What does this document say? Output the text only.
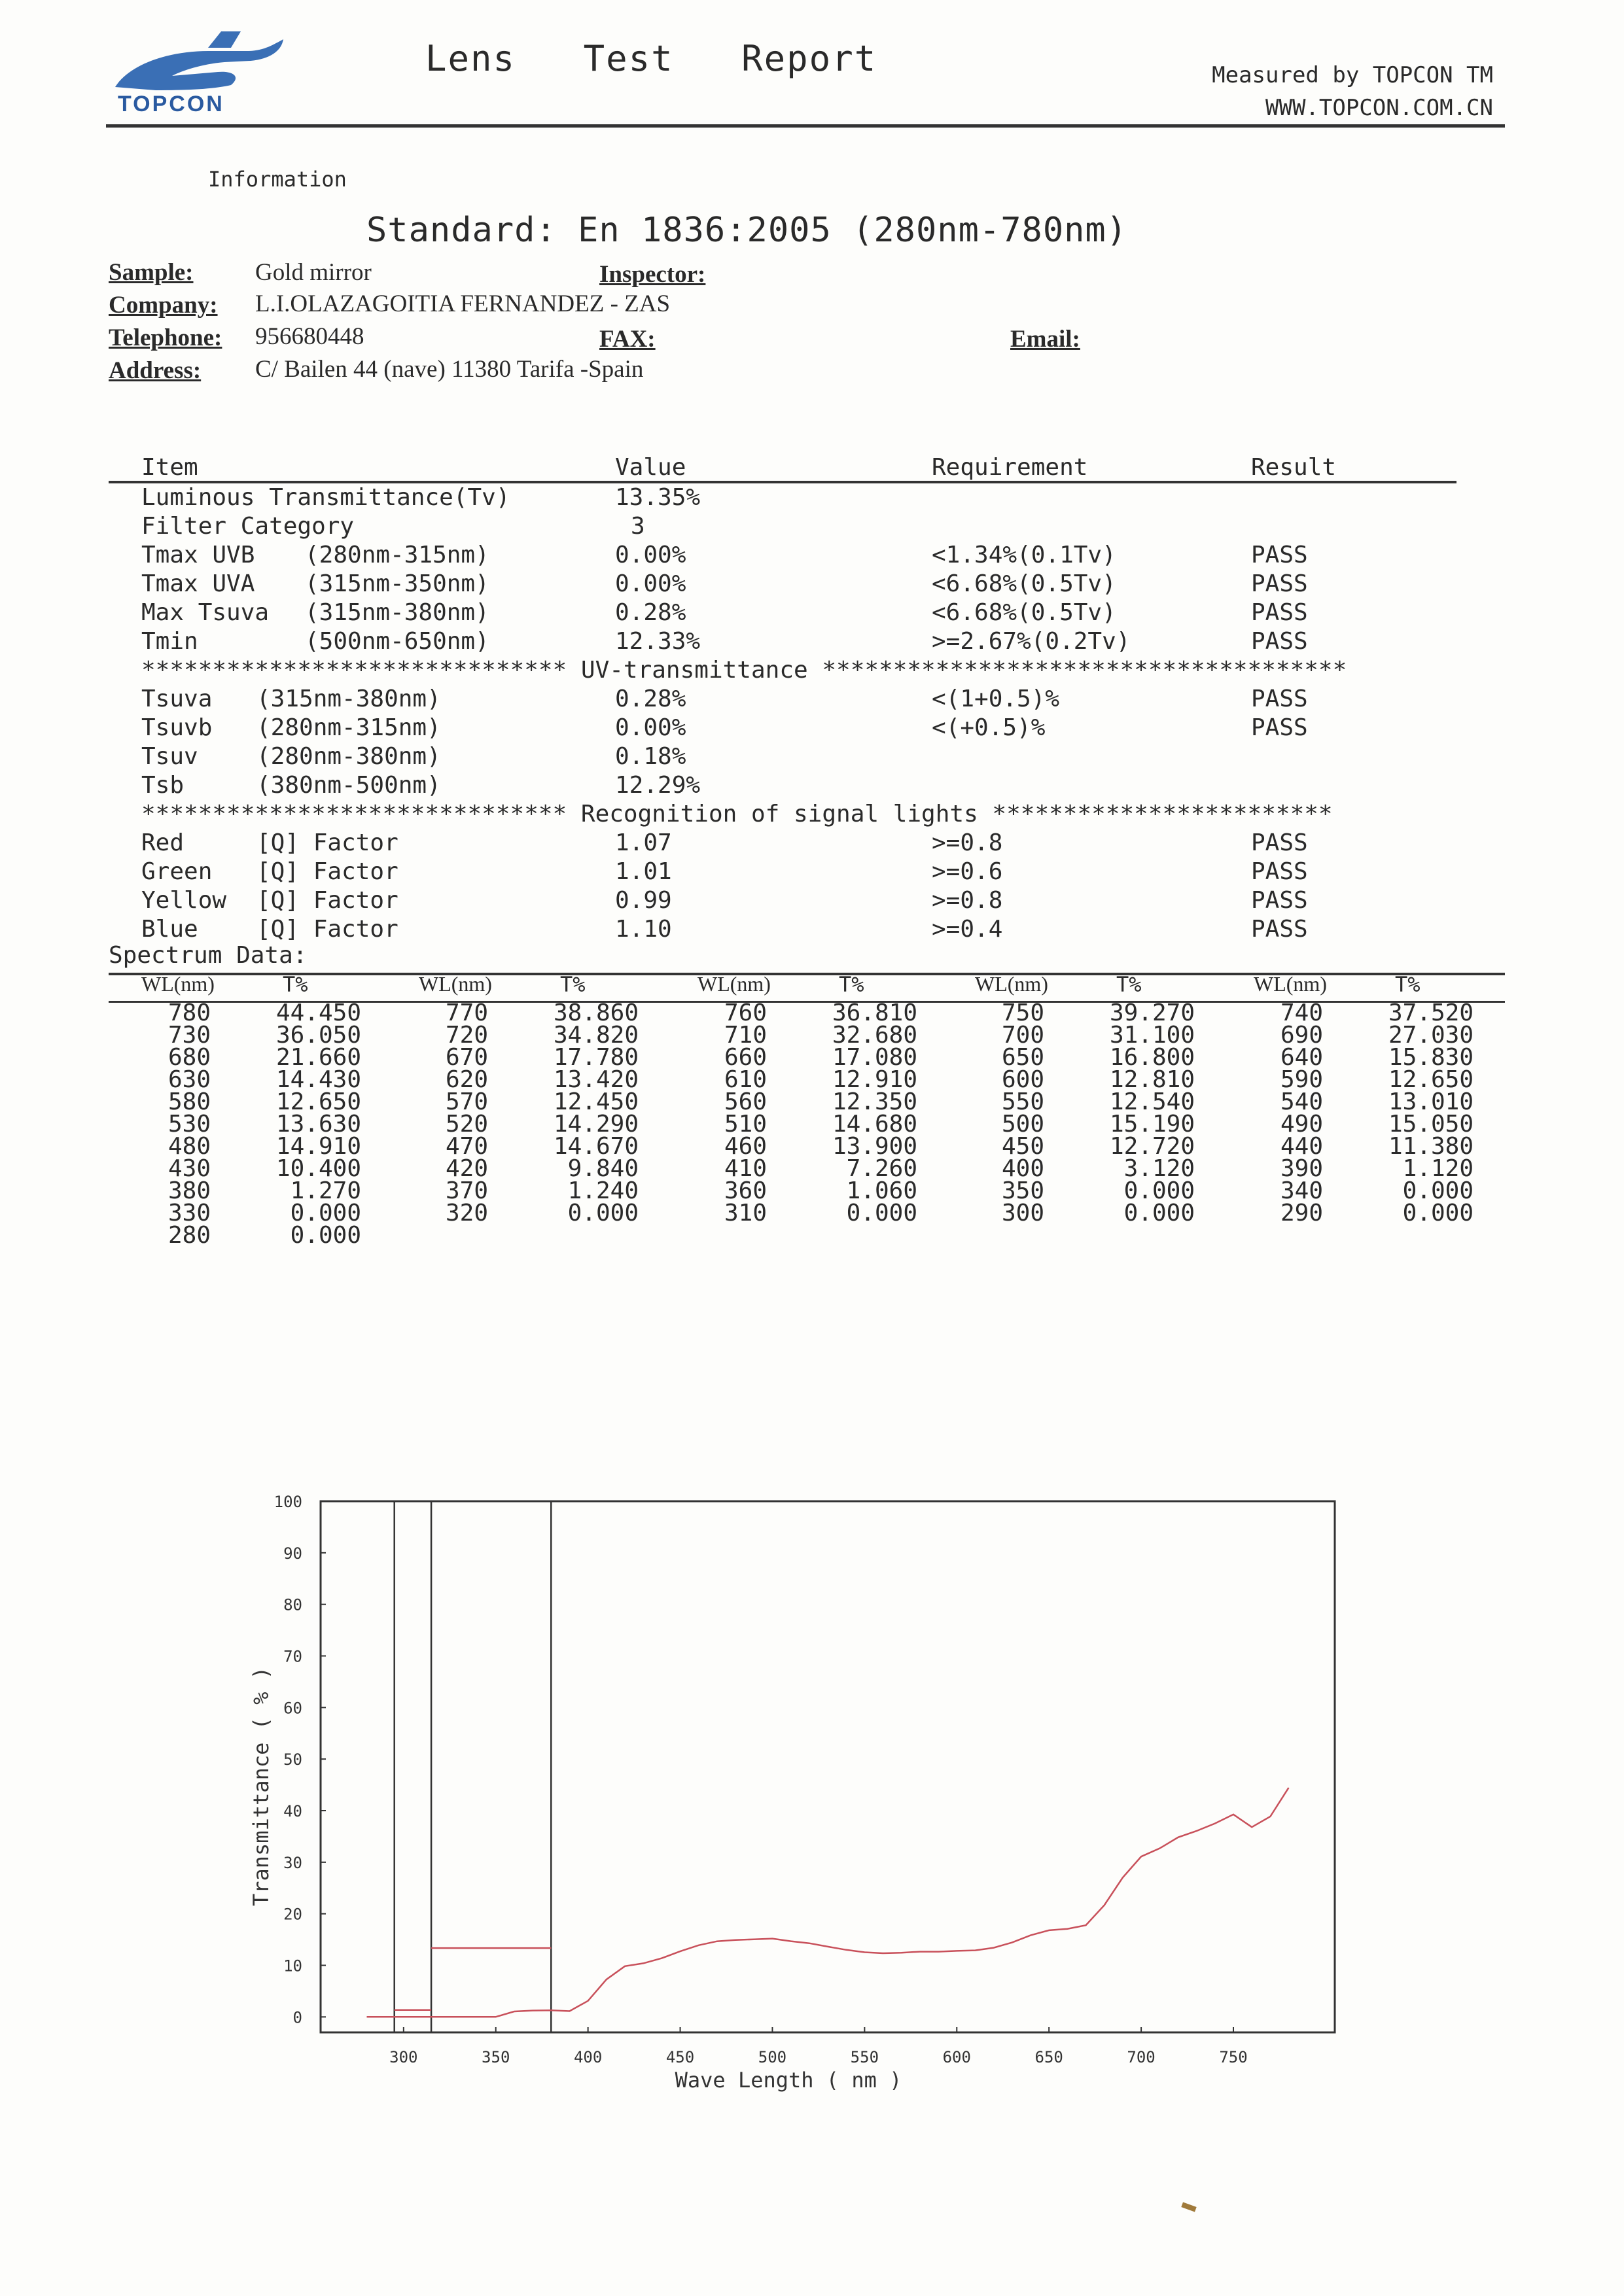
TOPCON
Lens   Test   Report	Measured by TOPCON TM
WWW.TOPCON.COM.CN
Information
Standard: En 1836:2005 (280nm-780nm)
Sample:	Gold mirror	Inspector:
Company: L.I.OLAZAGOITIA FERNANDEZ - ZAS
Telephone: 956680448	FAX:	Email:
Address: C/ Bailen 44 (nave) 11380 Tarifa -Spain
Item	Value	Requirement	Result
Luminous Transmittance(Tv)	13.35%
Filter Category	3
Tmax UVB (280nm-315nm)	0.00%	<1.34%(0.1Tv)	PASS
Tmax UVA (315nm-350nm)	0.00%	<6.68%(0.5Tv)	PASS
Max Tsuva (315nm-380nm)	0.28%	<6.68%(0.5Tv)	PASS
Tmin	(500nm-650nm)	12.33%	>=2.67%(0.2Tv)	PASS
****************************** UV-transmittance *************************************
Tsuva (315nm-380nm)	0.28%	<(1+0.5)%	PASS
Tsuvb (280nm-315nm)	0.00%	<(+0.5)%	PASS
Tsuv (280nm-380nm)	0.18%
Tsb	(380nm-500nm)	12.29%
****************************** Recognition of signal lights ************************
Red	[Q] Factor	1.07	>=0.8	PASS
Green [Q] Factor	1.01	>=0.6	PASS
Yellow [Q] Factor	0.99	>=0.8	PASS
Blue [Q] Factor	1.10	>=0.4	PASS
Spectrum Data:
WL(nm)	T%	WL(nm)	T%	WL(nm)	T%	WL(nm)	T%	WL(nm)	T%
780	44.450	770	38.860	760	36.810	750	39.270	740	37.520
730	36.050	720	34.820	710	32.680	700	31.100	690	27.030
680	21.660	670	17.780	660	17.080	650	16.800	640	15.830
630	14.430	620	13.420	610	12.910	600	12.810	590	12.650
580	12.650	570	12.450	560	12.350	550	12.540	540	13.010
530	13.630	520	14.290	510	14.680	500	15.190	490	15.050
480	14.910	470	14.670	460	13.900	450	12.720	440	11.380
430	10.400	420	9.840	410	7.260	400	3.120	390	1.120
380	1.270	370	1.240	360	1.060	350	0.000	340	0.000
330	0.000	320	0.000	310	0.000	300	0.000	290	0.000
280	0.000
0
10
20
30
40
50
60
70
80
90
100
300	350	400	450	500	550	600	650	700	750
Wave Length ( nm )
Transmittance ( % )
